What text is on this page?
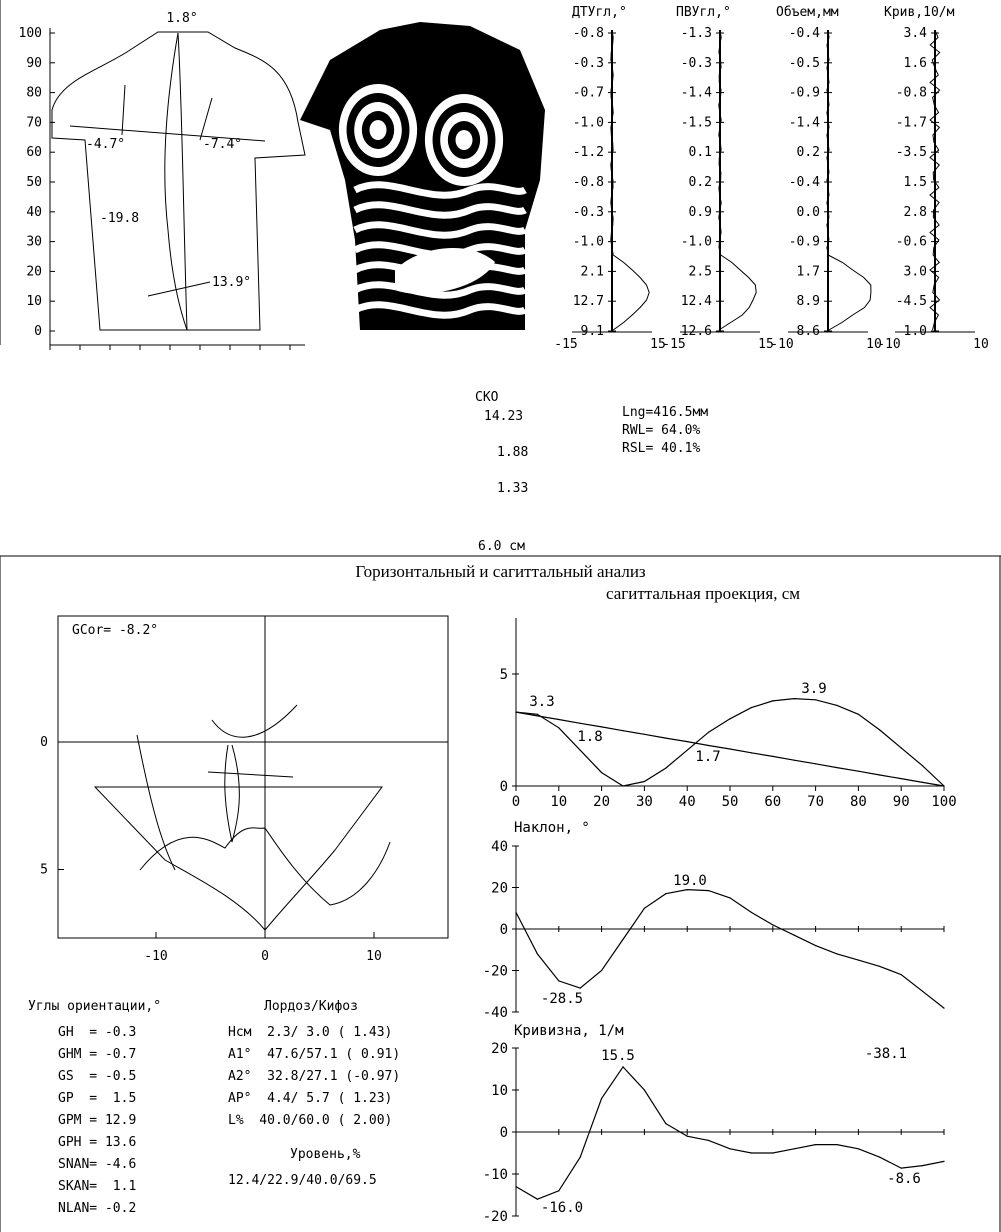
100
90
80
70
60
50
40
30
20
10
0
1.8°
-4.7°	-7.4°
-19.8
13.9°
ДТУгл,°
-0.8
-0.3
-0.7
-1.0
-1.2
-0.8
-0.3
-1.0
2.1
12.7
9.1
-15	15
ПВУгл,°
-1.3
-0.3
-1.4
-1.5
0.1
0.2
0.9
-1.0
2.5
12.4
12.6
-15	15
Объем,мм
-0.4
-0.5
-0.9
-1.4
0.2
-0.4
0.0
-0.9
1.7
8.9
8.6
-10	10
Крив,10/м
3.4
1.6
-0.8
-1.7
-3.5
1.5
2.8
-0.6
3.0
-4.5
1.0
-10	10
GCor= -8.2°
-10	0	10
0
5
0
5
0 10 20 30 40 50 60 70 80 90 100
3.3
1.8
1.7
3.9
40
20
0
-20
-40
Наклон, °
19.0
-28.5
20
10
0
-10
-20
Кривизна, 1/м
15.5	-38.1
-16.0
-8.6
Горизонтальный и сагиттальный анализ
сагиттальная проекция, см
СКО
14.23
1.88
1.33
Lng=416.5мм
RWL= 64.0%
RSL= 40.1%
6.0 см
Углы ориентации,°
GH  = -0.3
GHM = -0.7
GS  = -0.5
GP  =  1.5
GPM = 12.9
GPH = 13.6
SNAN= -4.6
SKAN=  1.1
NLAN= -0.2
Лордоз/Кифоз
Нсм  2.3/ 3.0 ( 1.43)
А1°  47.6/57.1 ( 0.91)
А2°  32.8/27.1 (-0.97)
АР°  4.4/ 5.7 ( 1.23)
L%  40.0/60.0 ( 2.00)
Уровень,%
12.4/22.9/40.0/69.5
